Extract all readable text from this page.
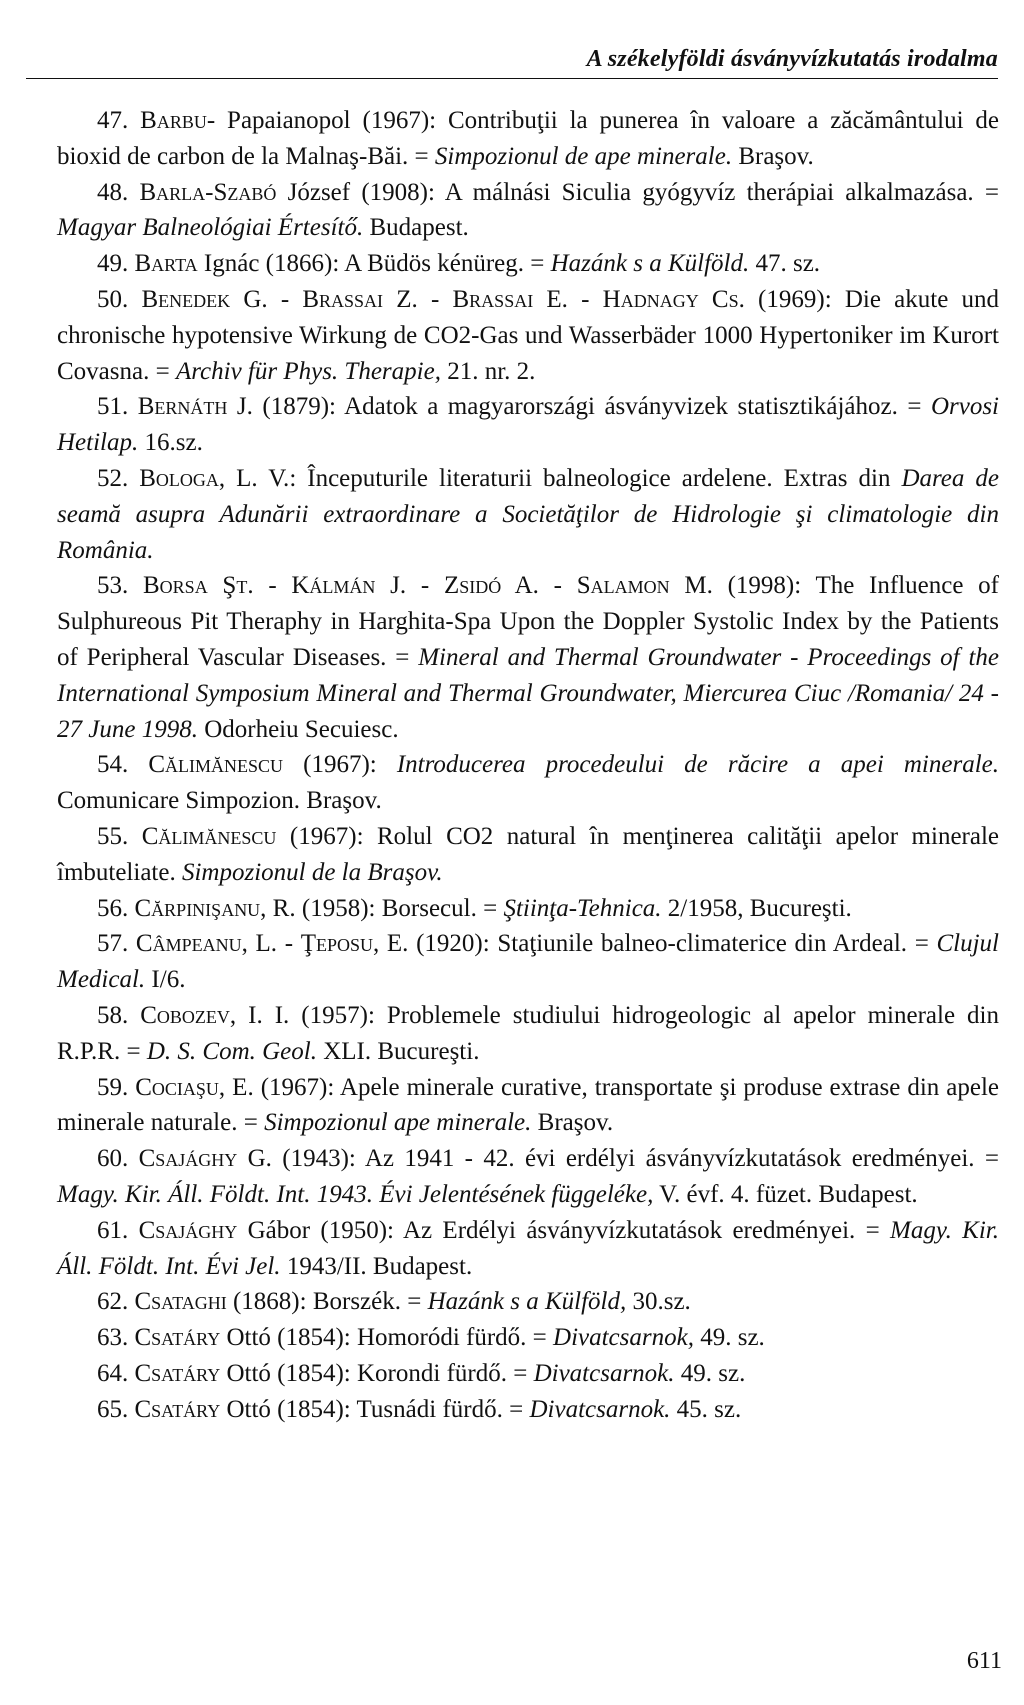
A székelyföldi ásványvízkutatás irodalma

47. Barbu- Papaianopol (1967): Contribuţii la punerea în valoare a zăcământului de bioxid de carbon de la Malnaş-Băi. = Simpozionul de ape minerale. Braşov.

48. Barla-Szabó József (1908): A málnási Siculia gyógyvíz therápiai alkalmazása. = Magyar Balneológiai Értesítő. Budapest.

49. Barta Ignác (1866): A Büdös kénüreg. = Hazánk s a Külföld. 47. sz.

50. Benedek G. - Brassai Z. - Brassai E. - Hadnagy Cs. (1969): Die akute und chronische hypotensive Wirkung de CO2-Gas und Wasserbäder 1000 Hypertoniker im Kurort Covasna. = Archiv für Phys. Therapie, 21. nr. 2.

51. Bernáth J. (1879): Adatok a magyarországi ásványvizek statisztikájához. = Orvosi Hetilap. 16.sz.

52. Bologa, L. V.: Începuturile literaturii balneologice ardelene. Extras din Darea de seamă asupra Adunării extraordinare a Societăţilor de Hidrologie şi climatologie din România.

53. Borsa Şt. - Kálmán J. - Zsidó A. - Salamon M. (1998): The Influence of Sulphureous Pit Theraphy in Harghita-Spa Upon the Doppler Systolic Index by the Patients of Peripheral Vascular Diseases. = Mineral and Thermal Groundwater - Proceedings of the International Symposium Mineral and Thermal Groundwater, Miercurea Ciuc /Romania/ 24 - 27 June 1998. Odorheiu Secuiesc.

54. Călimănescu (1967): Introducerea procedeului de răcire a apei minerale. Comunicare Simpozion. Braşov.

55. Călimănescu (1967): Rolul CO2 natural în menţinerea calităţii apelor minerale îmbuteliate. Simpozionul de la Braşov.

56. Cărpinişanu, R. (1958): Borsecul. = Ştiinţa-Tehnica. 2/1958, Bucureşti.

57. Câmpeanu, L. - Ţeposu, E. (1920): Staţiunile balneo-climaterice din Ardeal. = Clujul Medical. I/6.

58. Cobozev, I. I. (1957): Problemele studiului hidrogeologic al apelor minerale din R.P.R. = D. S. Com. Geol. XLI. Bucureşti.

59. Cociaşu, E. (1967): Apele minerale curative, transportate şi produse extrase din apele minerale naturale. = Simpozionul ape minerale. Braşov.

60. Csajághy G. (1943): Az 1941 - 42. évi erdélyi ásványvízkutatások eredményei. = Magy. Kir. Áll. Földt. Int. 1943. Évi Jelentésének függeléke, V. évf. 4. füzet. Budapest.

61. Csajághy Gábor (1950): Az Erdélyi ásványvízkutatások eredményei. = Magy. Kir. Áll. Földt. Int. Évi Jel. 1943/II. Budapest.

62. Csataghi (1868): Borszék. = Hazánk s a Külföld, 30.sz.

63. Csatáry Ottó (1854): Homoródi fürdő. = Divatcsarnok, 49. sz.

64. Csatáry Ottó (1854): Korondi fürdő. = Divatcsarnok. 49. sz.

65. Csatáry Ottó (1854): Tusnádi fürdő. = Divatcsarnok. 45. sz.

611
